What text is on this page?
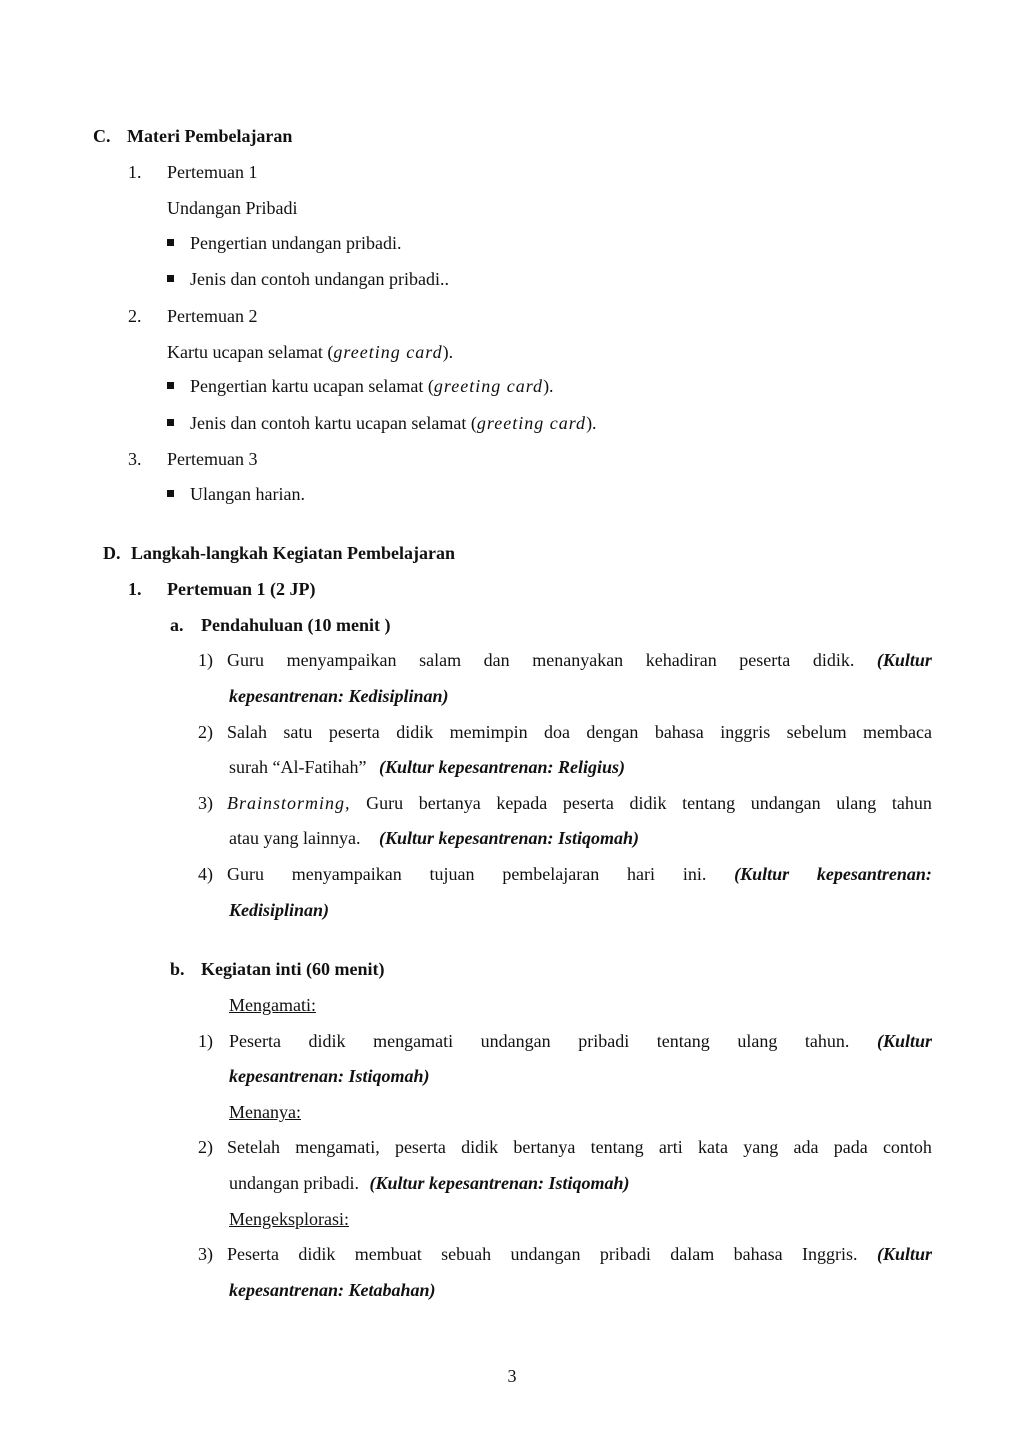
C. Materi Pembelajaran
1. Pertemuan 1
Undangan Pribadi
Pengertian undangan pribadi.
Jenis dan contoh undangan pribadi..
2. Pertemuan 2
Kartu ucapan selamat (greeting card).
Pengertian kartu ucapan selamat (greeting card).
Jenis dan contoh kartu ucapan selamat (greeting card).
3. Pertemuan 3
Ulangan harian.
D. Langkah-langkah Kegiatan Pembelajaran
1. Pertemuan 1 (2 JP)
a. Pendahuluan (10 menit )
1) Guru menyampaikan salam dan menanyakan kehadiran peserta didik. (Kultur
kepesantrenan: Kedisiplinan)
2) Salah satu peserta didik memimpin doa dengan bahasa inggris sebelum membaca
surah “Al-Fatihah” (Kultur kepesantrenan: Religius)
3) Brainstorming, Guru bertanya kepada peserta didik tentang undangan ulang tahun
atau yang lainnya. (Kultur kepesantrenan: Istiqomah)
4) Guru menyampaikan tujuan pembelajaran hari ini. (Kultur kepesantrenan:
Kedisiplinan)
b. Kegiatan inti (60 menit)
Mengamati:
1) Peserta didik mengamati undangan pribadi tentang ulang tahun. (Kultur
kepesantrenan: Istiqomah)
Menanya:
2) Setelah mengamati, peserta didik bertanya tentang arti kata yang ada pada contoh
undangan pribadi. (Kultur kepesantrenan: Istiqomah)
Mengeksplorasi:
3) Peserta didik membuat sebuah undangan pribadi dalam bahasa Inggris. (Kultur
kepesantrenan: Ketabahan)
3
